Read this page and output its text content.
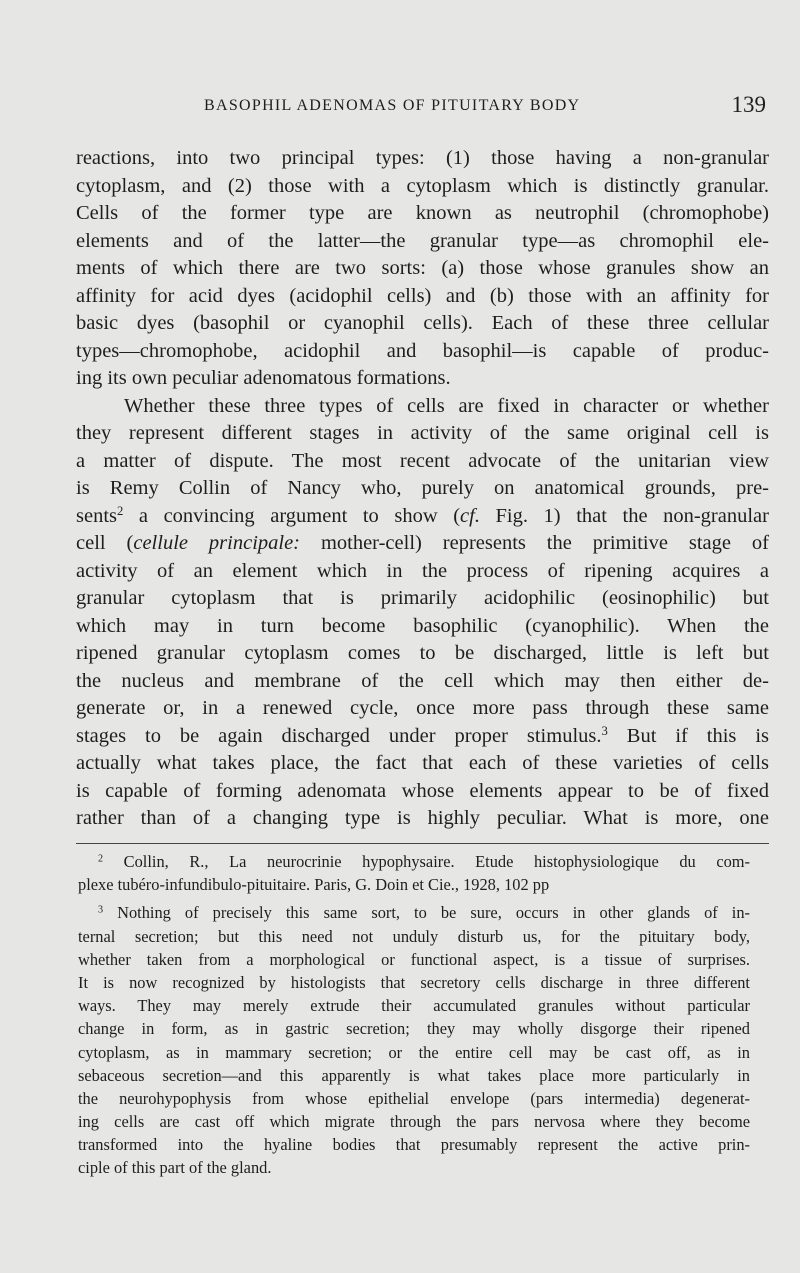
BASOPHIL ADENOMAS OF PITUITARY BODY	139
reactions, into two principal types: (1) those having a non-granular
cytoplasm, and (2) those with a cytoplasm which is distinctly granular.
Cells of the former type are known as neutrophil (chromophobe)
elements and of the latter—the granular type—as chromophil ele-
ments of which there are two sorts: (a) those whose granules show an
affinity for acid dyes (acidophil cells) and (b) those with an affinity for
basic dyes (basophil or cyanophil cells). Each of these three cellular
types—chromophobe, acidophil and basophil—is capable of produc-
ing its own peculiar adenomatous formations.
Whether these three types of cells are fixed in character or whether
they represent different stages in activity of the same original cell is
a matter of dispute. The most recent advocate of the unitarian view
is Remy Collin of Nancy who, purely on anatomical grounds, pre-
sents$^2$ a convincing argument to show (cf. Fig. 1) that the non-granular
cell (cellule principale: mother-cell) represents the primitive stage of
activity of an element which in the process of ripening acquires a
granular cytoplasm that is primarily acidophilic (eosinophilic) but
which may in turn become basophilic (cyanophilic). When the
ripened granular cytoplasm comes to be discharged, little is left but
the nucleus and membrane of the cell which may then either de-
generate or, in a renewed cycle, once more pass through these same
stages to be again discharged under proper stimulus.$^3$ But if this is
actually what takes place, the fact that each of these varieties of cells
is capable of forming adenomata whose elements appear to be of fixed
rather than of a changing type is highly peculiar. What is more, one
$^2$ Collin, R., La neurocrinie hypophysaire. Etude histophysiologique du com-
plexe tubéro-infundibulo-pituitaire. Paris, G. Doin et Cie., 1928, 102 pp
$^3$ Nothing of precisely this same sort, to be sure, occurs in other glands of in-
ternal secretion; but this need not unduly disturb us, for the pituitary body,
whether taken from a morphological or functional aspect, is a tissue of surprises.
It is now recognized by histologists that secretory cells discharge in three different
ways. They may merely extrude their accumulated granules without particular
change in form, as in gastric secretion; they may wholly disgorge their ripened
cytoplasm, as in mammary secretion; or the entire cell may be cast off, as in
sebaceous secretion—and this apparently is what takes place more particularly in
the neurohypophysis from whose epithelial envelope (pars intermedia) degenerat-
ing cells are cast off which migrate through the pars nervosa where they become
transformed into the hyaline bodies that presumably represent the active prin-
ciple of this part of the gland.
